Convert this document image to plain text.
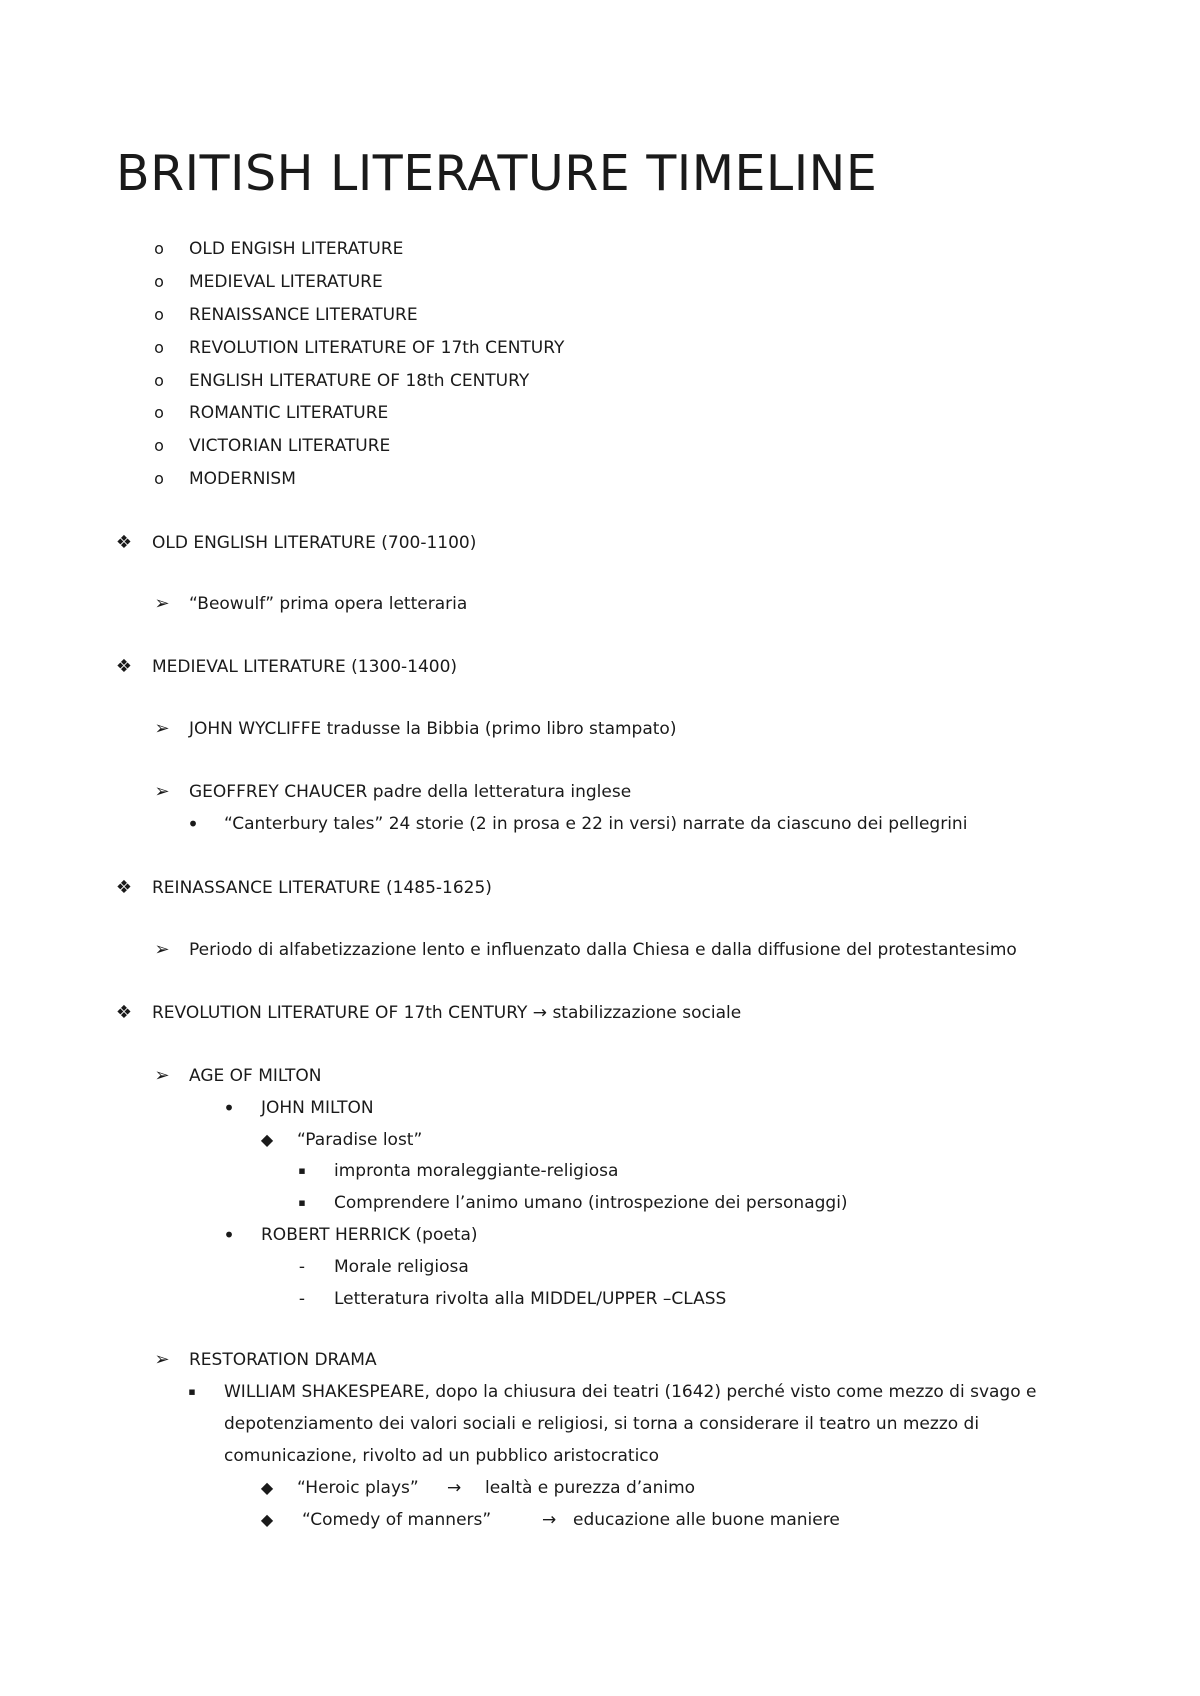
BRITISH LITERATURE TIMELINE
o OLD ENGISH LITERATURE
o MEDIEVAL LITERATURE
o RENAISSANCE LITERATURE
o REVOLUTION LITERATURE OF 17th CENTURY
o ENGLISH LITERATURE OF 18th CENTURY
o ROMANTIC LITERATURE
o VICTORIAN LITERATURE
o MODERNISM
❖ OLD ENGLISH LITERATURE (700-1100)
➢ “Beowulf” prima opera letteraria
❖ MEDIEVAL LITERATURE (1300-1400)
➢ JOHN WYCLIFFE tradusse la Bibbia (primo libro stampato)
➢ GEOFFREY CHAUCER padre della letteratura inglese
• “Canterbury tales” 24 storie (2 in prosa e 22 in versi) narrate da ciascuno dei pellegrini
❖ REINASSANCE LITERATURE (1485-1625)
➢ Periodo di alfabetizzazione lento e influenzato dalla Chiesa e dalla diffusione del protestantesimo
❖ REVOLUTION LITERATURE OF 17th CENTURY → stabilizzazione sociale
➢ AGE OF MILTON
• JOHN MILTON
◆ “Paradise lost”
▪ impronta moraleggiante-religiosa
▪ Comprendere l’animo umano (introspezione dei personaggi)
• ROBERT HERRICK (poeta)
- Morale religiosa
- Letteratura rivolta alla MIDDEL/UPPER –CLASS
➢ RESTORATION DRAMA
▪ WILLIAM SHAKESPEARE, dopo la chiusura dei teatri (1642) perché visto come mezzo di svago e
depotenziamento dei valori sociali e religiosi, si torna a considerare il teatro un mezzo di
comunicazione, rivolto ad un pubblico aristocratico
◆ “Heroic plays” → lealtà e purezza d’animo
◆ “Comedy of manners”	→ educazione alle buone maniere
